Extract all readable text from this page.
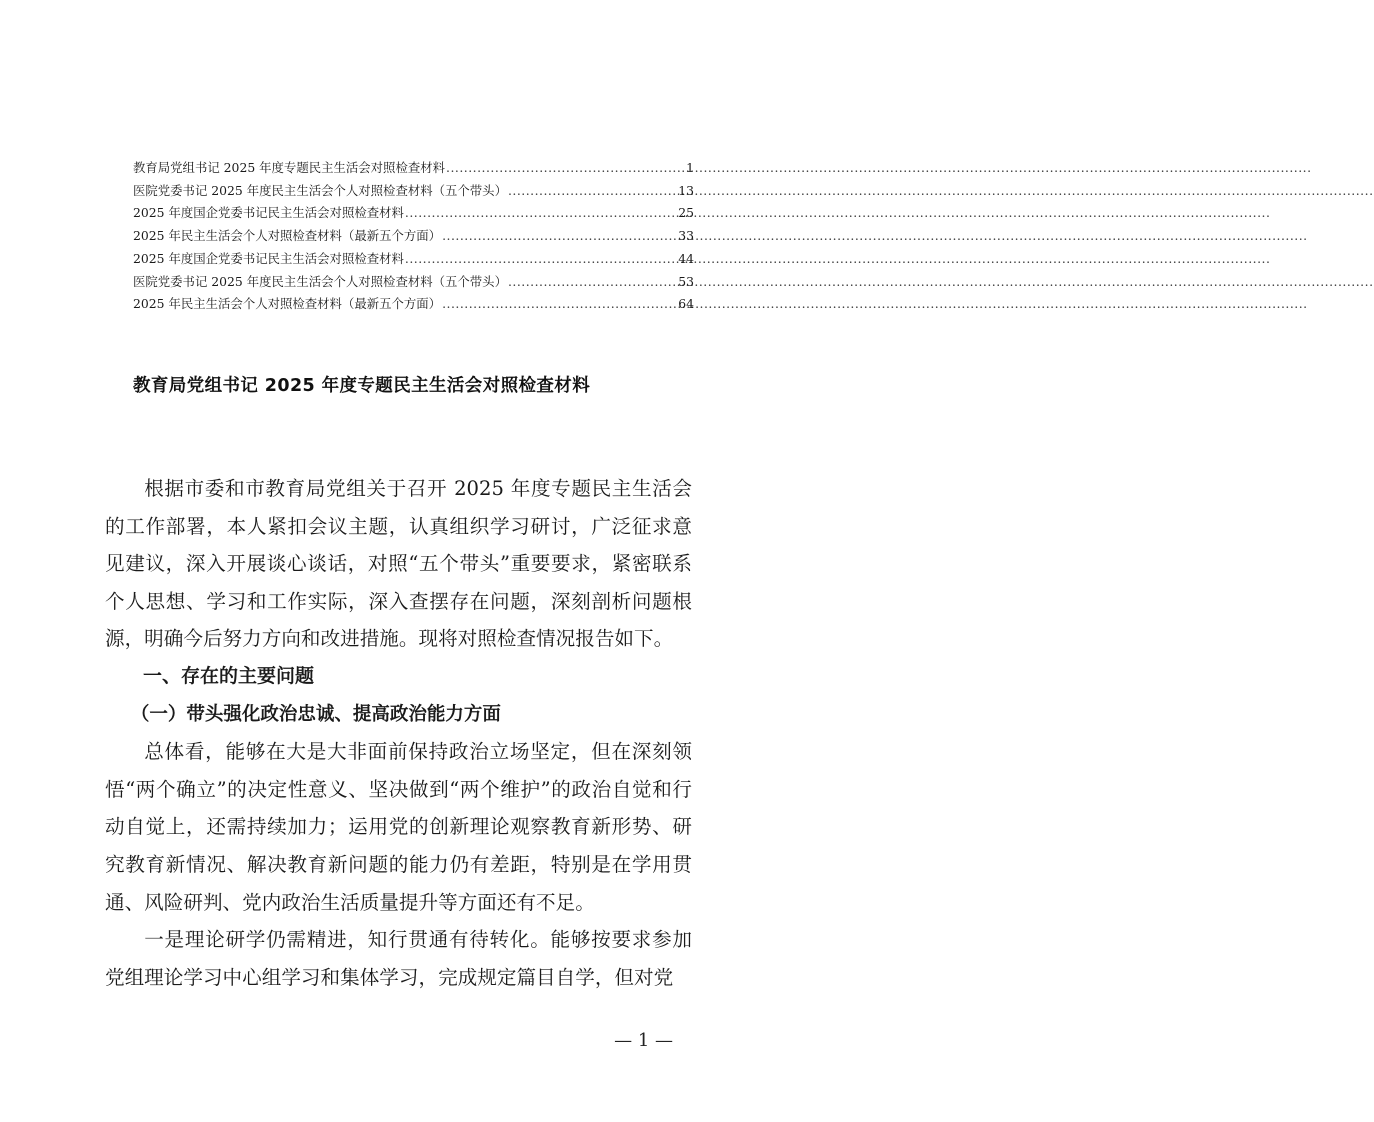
教育局党组书记 2025 年度专题民主生活会对照检查材料 .....	1
医院党委书记 2025 年度民主生活会个人对照检查材料（五个带头） .....	13
2025 年度国企党委书记民主生活会对照检查材料 .....	25
2025 年民主生活会个人对照检查材料（最新五个方面） .....	33
2025 年度国企党委书记民主生活会对照检查材料 .....	44
医院党委书记 2025 年度民主生活会个人对照检查材料（五个带头） .....	53
2025 年民主生活会个人对照检查材料（最新五个方面） .....	64
教育局党组书记 2025 年度专题民主生活会对照检查材料

根据市委和市教育局党组关于召开 2025 年度专题民主生活会的工作部署，本人紧扣会议主题，认真组织学习研讨，广泛征求意见建议，深入开展谈心谈话，对照“五个带头”重要要求，紧密联系个人思想、学习和工作实际，深入查摆存在问题，深刻剖析问题根源，明确今后努力方向和改进措施。现将对照检查情况报告如下。

一、存在的主要问题

（一）带头强化政治忠诚、提高政治能力方面

总体看，能够在大是大非面前保持政治立场坚定，但在深刻领悟“两个确立”的决定性意义、坚决做到“两个维护”的政治自觉和行动自觉上，还需持续加力；运用党的创新理论观察教育新形势、研究教育新情况、解决教育新问题的能力仍有差距，特别是在学用贯通、风险研判、党内政治生活质量提升等方面还有不足。

一是理论研学仍需精进，知行贯通有待转化。能够按要求参加党组理论学习中心组学习和集体学习，完成规定篇目自学，但对党

— 1 —
